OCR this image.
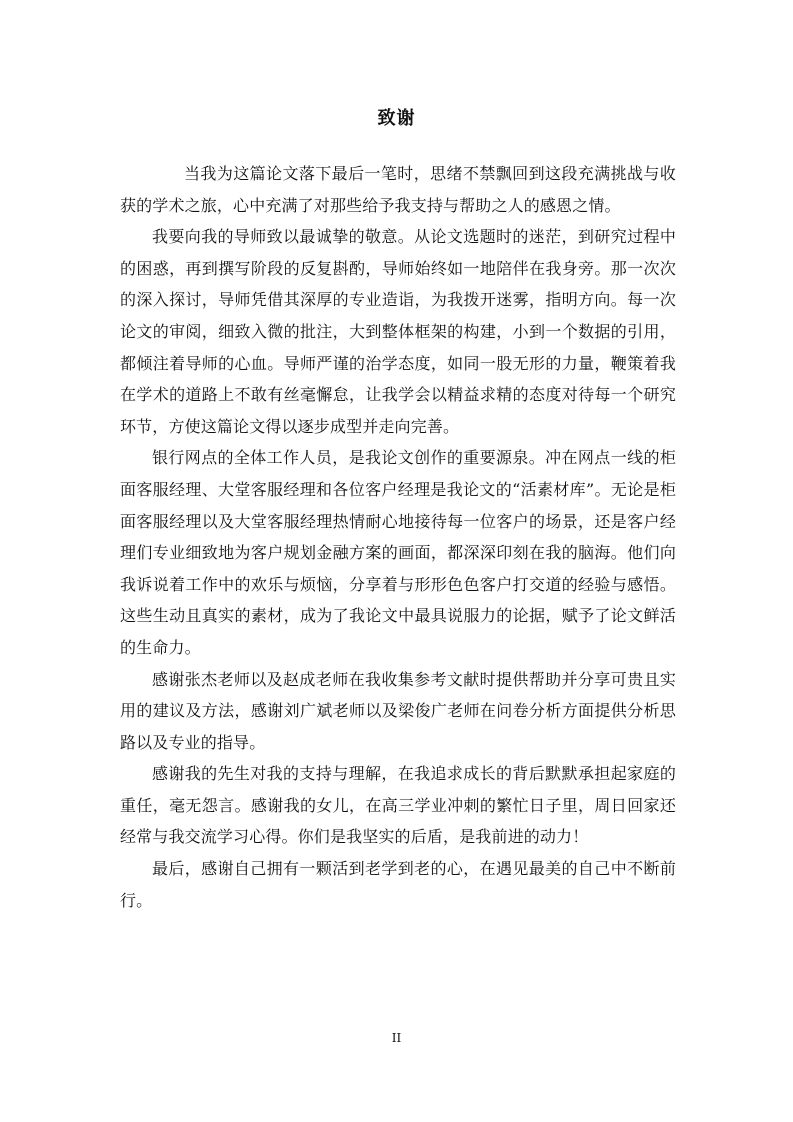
致谢

当我为这篇论文落下最后一笔时，思绪不禁飘回到这段充满挑战与收获的学术之旅，心中充满了对那些给予我支持与帮助之人的感恩之情。

我要向我的导师致以最诚挚的敬意。从论文选题时的迷茫，到研究过程中的困惑，再到撰写阶段的反复斟酌，导师始终如一地陪伴在我身旁。那一次次的深入探讨，导师凭借其深厚的专业造诣，为我拨开迷雾，指明方向。每一次论文的审阅，细致入微的批注，大到整体框架的构建，小到一个数据的引用，都倾注着导师的心血。导师严谨的治学态度，如同一股无形的力量，鞭策着我在学术的道路上不敢有丝毫懈怠，让我学会以精益求精的态度对待每一个研究环节，方使这篇论文得以逐步成型并走向完善。

银行网点的全体工作人员，是我论文创作的重要源泉。冲在网点一线的柜面客服经理、大堂客服经理和各位客户经理是我论文的“活素材库”。无论是柜面客服经理以及大堂客服经理热情耐心地接待每一位客户的场景，还是客户经理们专业细致地为客户规划金融方案的画面，都深深印刻在我的脑海。他们向我诉说着工作中的欢乐与烦恼，分享着与形形色色客户打交道的经验与感悟。这些生动且真实的素材，成为了我论文中最具说服力的论据，赋予了论文鲜活的生命力。

感谢张杰老师以及赵成老师在我收集参考文献时提供帮助并分享可贵且实用的建议及方法，感谢刘广斌老师以及梁俊广老师在问卷分析方面提供分析思路以及专业的指导。

感谢我的先生对我的支持与理解，在我追求成长的背后默默承担起家庭的重任，毫无怨言。感谢我的女儿，在高三学业冲刺的繁忙日子里，周日回家还经常与我交流学习心得。你们是我坚实的后盾，是我前进的动力！

最后，感谢自己拥有一颗活到老学到老的心，在遇见最美的自己中不断前行。

II
